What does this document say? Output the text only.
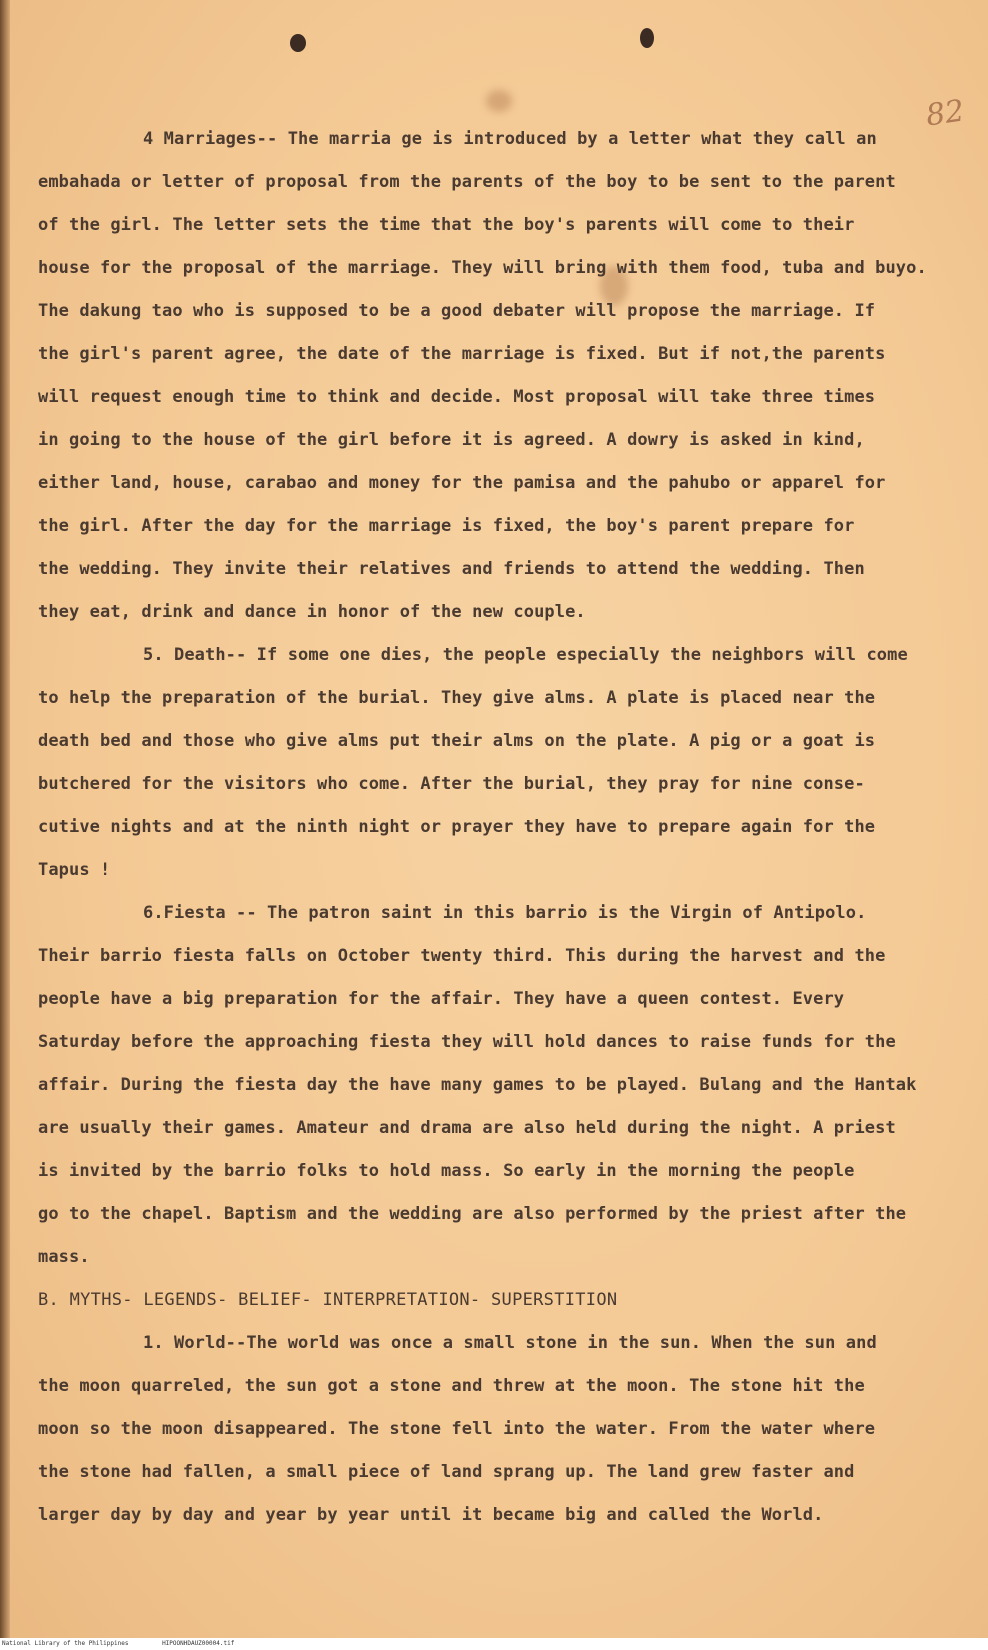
82
4 Marriages-- The marria ge is introduced by a letter what they call an
embahada or letter of proposal from the parents of the boy to be sent to the parent
of the girl. The letter sets the time that the boy's parents will come to their
house for the proposal of the marriage. They will bring with them food, tuba and buyo.
The dakung tao who is supposed to be a good debater will propose the marriage. If
the girl's parent agree, the date of the marriage is fixed. But if not,the parents
will request enough time to think and decide. Most proposal will take three times
in going to the house of the girl before it is agreed. A dowry is asked in kind,
either land, house, carabao and money for the pamisa and the pahubo or apparel for
the girl. After the day for the marriage is fixed, the boy's parent prepare for
the wedding. They invite their relatives and friends to attend the wedding. Then
they eat, drink and dance in honor of the new couple.
5. Death-- If some one dies, the people especially the neighbors will come
to help the preparation of the burial. They give alms. A plate is placed near the
death bed and those who give alms put their alms on the plate. A pig or a goat is
butchered for the visitors who come. After the burial, they pray for nine conse-
cutive nights and at the ninth night or prayer they have to prepare again for the
Tapus !
6.Fiesta -- The patron saint in this barrio is the Virgin of Antipolo.
Their barrio fiesta falls on October twenty third. This during the harvest and the
people have a big preparation for the affair. They have a queen contest. Every
Saturday before the approaching fiesta they will hold dances to raise funds for the
affair. During the fiesta day the have many games to be played. Bulang and the Hantak
are usually their games. Amateur and drama are also held during the night. A priest
is invited by the barrio folks to hold mass. So early in the morning the people
go to the chapel. Baptism and the wedding are also performed by the priest after the
mass.
B. MYTHS- LEGENDS- BELIEF- INTERPRETATION- SUPERSTITION
1. World--The world was once a small stone in the sun. When the sun and
the moon quarreled, the sun got a stone and threw at the moon. The stone hit the
moon so the moon disappeared. The stone fell into the water. From the water where
the stone had fallen, a small piece of land sprang up. The land grew faster and
larger day by day and year by year until it became big and called the World.
National Library of the Philippines	HIPOONHDAUZ00004.tif
